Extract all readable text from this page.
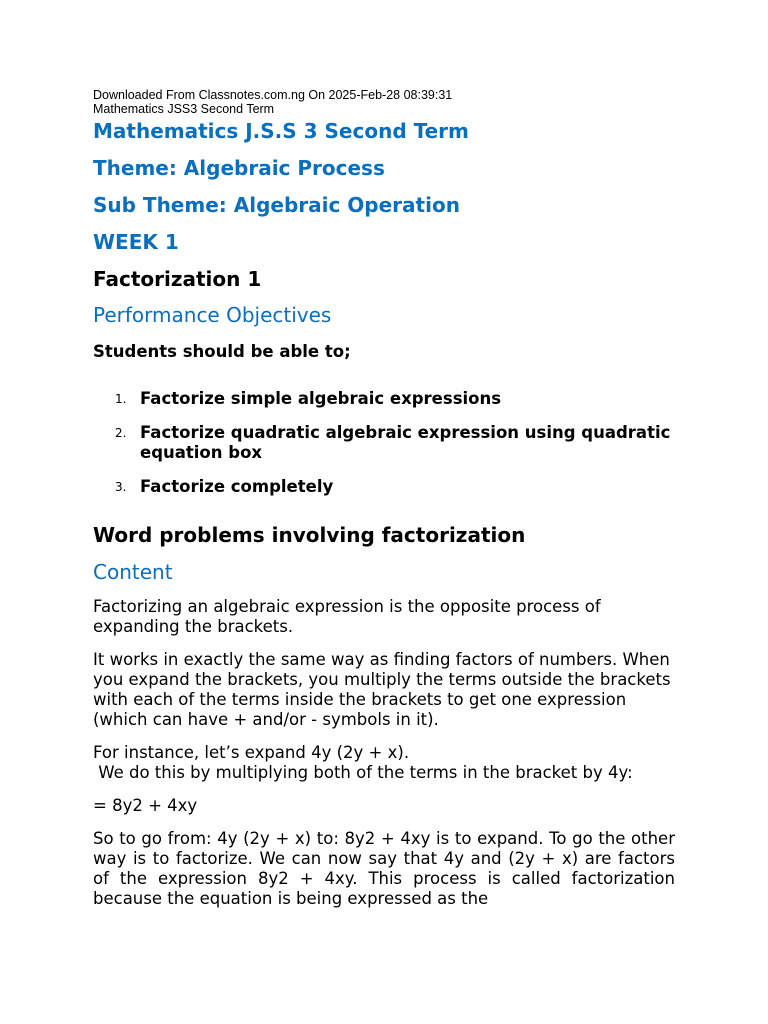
Downloaded From Classnotes.com.ng On 2025-Feb-28 08:39:31

Mathematics JSS3 Second Term

Mathematics J.S.S 3 Second Term
Theme: Algebraic Process
Sub Theme: Algebraic Operation
WEEK 1
Factorization 1
Performance Objectives

Students should be able to;

1. Factorize simple algebraic expressions
2. Factorize quadratic algebraic expression using quadratic equation box
3. Factorize completely
Word problems involving factorization
Content

Factorizing an algebraic expression is the opposite process of expanding the brackets.

It works in exactly the same way as finding factors of numbers. When you expand the brackets, you multiply the terms outside the brackets with each of the terms inside the brackets to get one expression (which can have + and/or - symbols in it).

For instance, let’s expand 4y (2y + x).
We do this by multiplying both of the terms in the bracket by 4y:

= 8y2 + 4xy

So to go from: 4y (2y + x) to: 8y2 + 4xy is to expand. To go the other way is to factorize. We can now say that 4y and (2y + x) are factors of the expression 8y2 + 4xy. This process is called factorization because the equation is being expressed as the
